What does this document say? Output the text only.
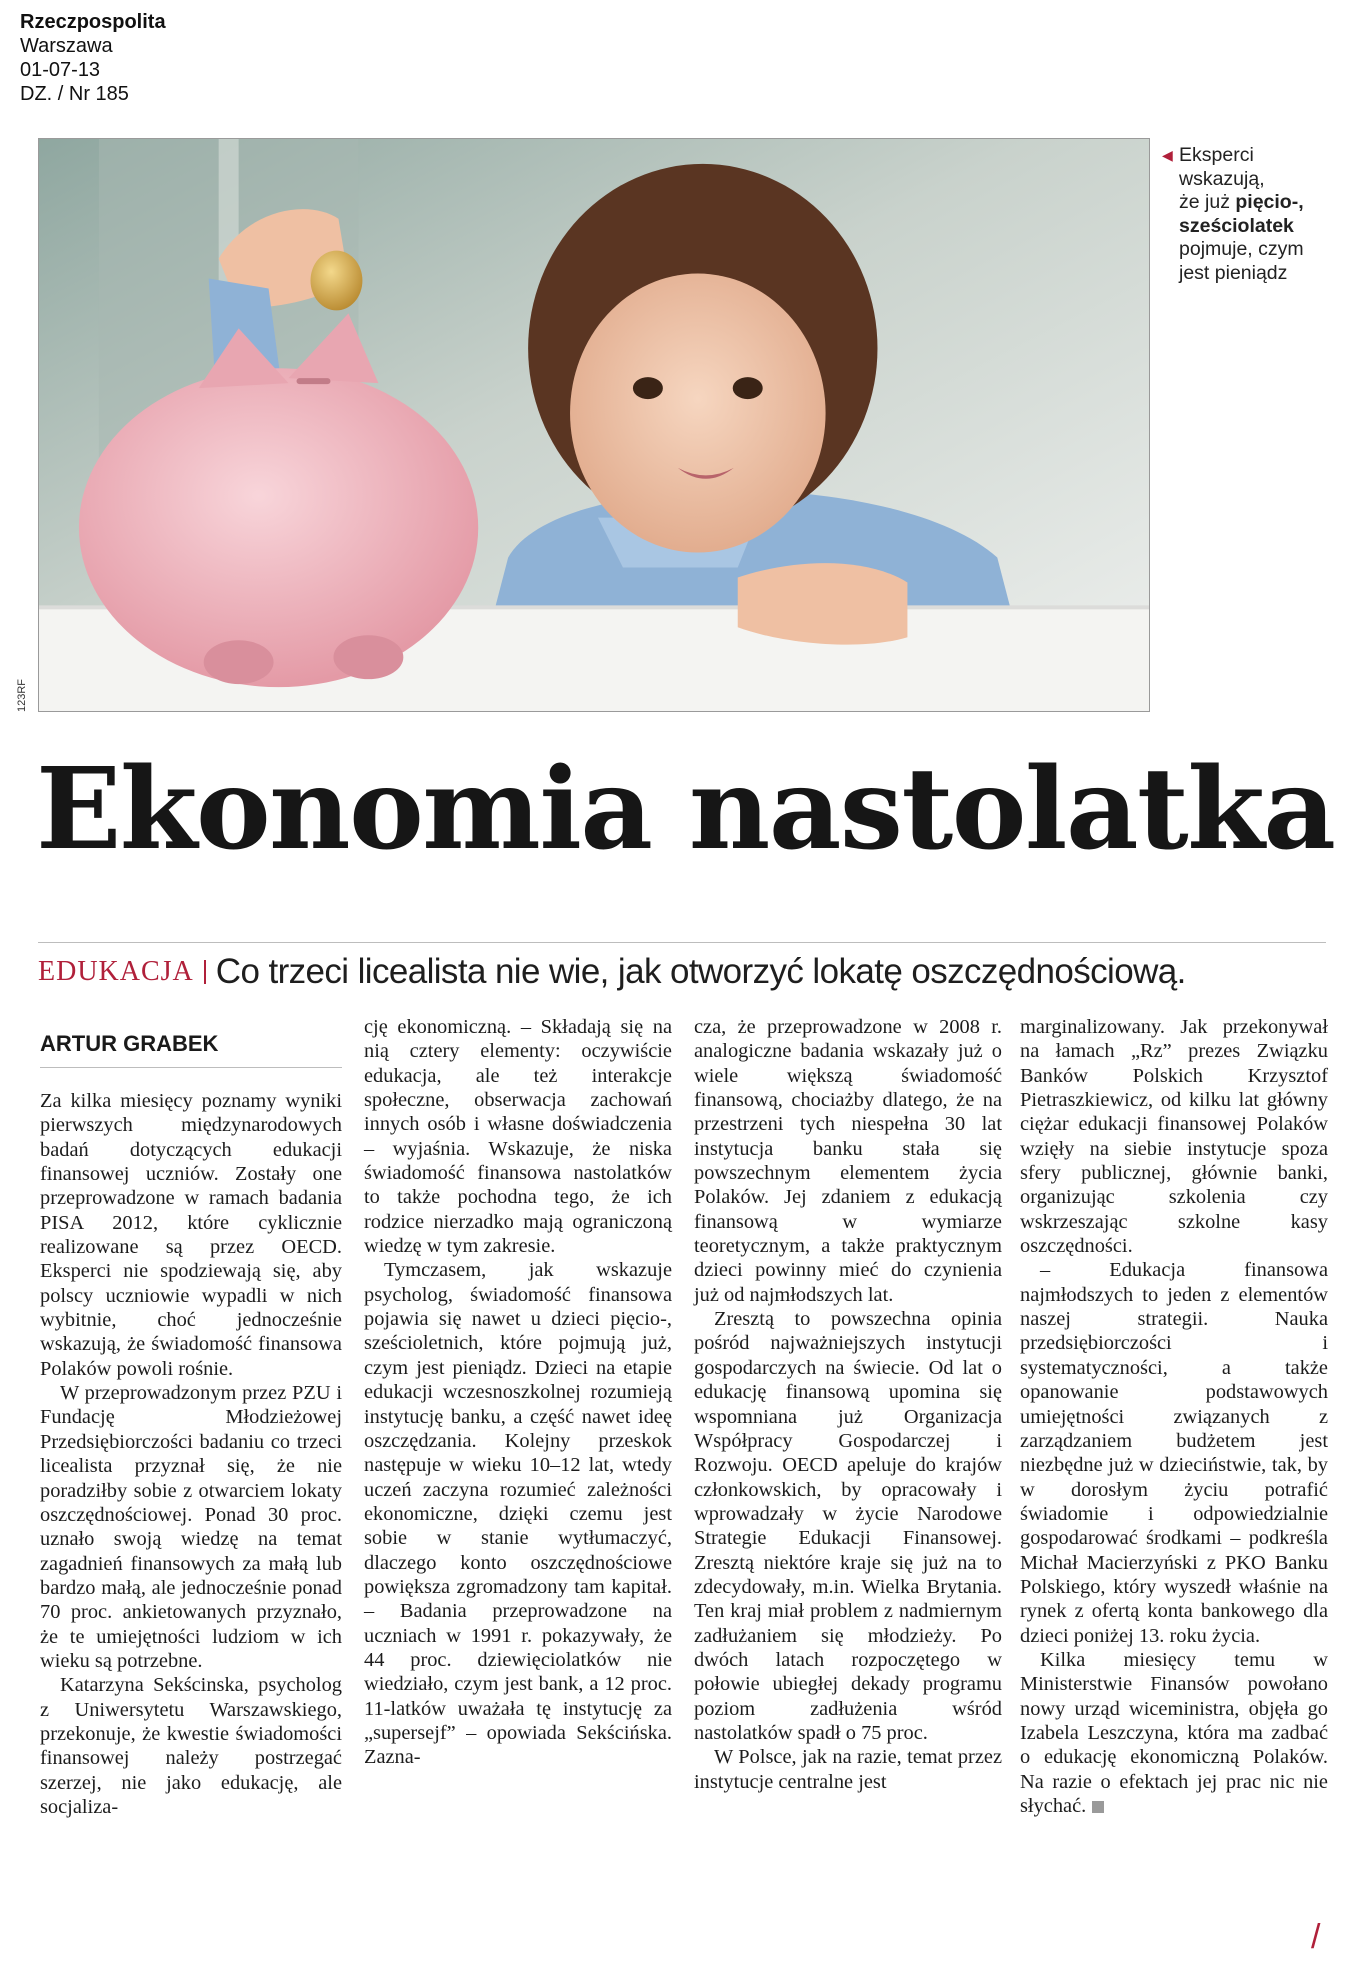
Rzeczpospolita
Warszawa
01-07-13
DZ. / Nr 185
123RF
◀ Eksperci
wskazują,
że już pięcio-,
sześciolatek
pojmuje, czym
jest pieniądz
Ekonomia nastolatka
EDUKACJA Co trzeci licealista nie wie, jak otworzyć lokatę oszczędnościową.
ARTUR GRABEK

Za kilka miesięcy poznamy wyniki pierwszych międzynarodowych badań dotyczących edukacji finansowej uczniów. Zostały one przeprowadzone w ramach badania PISA 2012, które cyklicznie realizowane są przez OECD. Eksperci nie spodziewają się, aby polscy uczniowie wypadli w nich wybitnie, choć jednocześnie wskazują, że świadomość finansowa Polaków powoli rośnie.

W przeprowadzonym przez PZU i Fundację Młodzieżowej Przedsiębiorczości badaniu co trzeci licealista przyznał się, że nie poradziłby sobie z otwarciem lokaty oszczędnościowej. Ponad 30 proc. uznało swoją wiedzę na temat zagadnień finansowych za małą lub bardzo małą, ale jednocześnie ponad 70 proc. ankietowanych przyznało, że te umiejętności ludziom w ich wieku są potrzebne.

Katarzyna Sekścinska, psycholog z Uniwersytetu Warszawskiego, przekonuje, że kwestie świadomości finansowej należy postrzegać szerzej, nie jako edukację, ale socjaliza-

cję ekonomiczną. – Składają się na nią cztery elementy: oczywiście edukacja, ale też interakcje społeczne, obserwacja zachowań innych osób i własne doświadczenia – wyjaśnia. Wskazuje, że niska świadomość finansowa nastolatków to także pochodna tego, że ich rodzice nierzadko mają ograniczoną wiedzę w tym zakresie.

Tymczasem, jak wskazuje psycholog, świadomość finansowa pojawia się nawet u dzieci pięcio-, sześcioletnich, które pojmują już, czym jest pieniądz. Dzieci na etapie edukacji wczesnoszkolnej rozumieją instytucję banku, a część nawet ideę oszczędzania. Kolejny przeskok następuje w wieku 10–12 lat, wtedy uczeń zaczyna rozumieć zależności ekonomiczne, dzięki czemu jest sobie w stanie wytłumaczyć, dlaczego konto oszczędnościowe powiększa zgromadzony tam kapitał. – Badania przeprowadzone na uczniach w 1991 r. pokazywały, że 44 proc. dziewięciolatków nie wiedziało, czym jest bank, a 12 proc. 11-latków uważała tę instytucję za „supersejf” – opowiada Sekścińska. Zazna-

cza, że przeprowadzone w 2008 r. analogiczne badania wskazały już o wiele większą świadomość finansową, chociażby dlatego, że na przestrzeni tych niespełna 30 lat instytucja banku stała się powszechnym elementem życia Polaków. Jej zdaniem z edukacją finansową w wymiarze teoretycznym, a także praktycznym dzieci powinny mieć do czynienia już od najmłodszych lat.

Zresztą to powszechna opinia pośród najważniejszych instytucji gospodarczych na świecie. Od lat o edukację finansową upomina się wspomniana już Organizacja Współpracy Gospodarczej i Rozwoju. OECD apeluje do krajów członkowskich, by opracowały i wprowadzały w życie Narodowe Strategie Edukacji Finansowej. Zresztą niektóre kraje się już na to zdecydowały, m.in. Wielka Brytania. Ten kraj miał problem z nadmiernym zadłużaniem się młodzieży. Po dwóch latach rozpoczętego w połowie ubiegłej dekady programu poziom zadłużenia wśród nastolatków spadł o 75 proc.

W Polsce, jak na razie, temat przez instytucje centralne jest

marginalizowany. Jak przekonywał na łamach „Rz” prezes Związku Banków Polskich Krzysztof Pietraszkiewicz, od kilku lat główny ciężar edukacji finansowej Polaków wzięły na siebie instytucje spoza sfery publicznej, głównie banki, organizując szkolenia czy wskrzeszając szkolne kasy oszczędności.

– Edukacja finansowa najmłodszych to jeden z elementów naszej strategii. Nauka przedsiębiorczości i systematyczności, a także opanowanie podstawowych umiejętności związanych z zarządzaniem budżetem jest niezbędne już w dzieciństwie, tak, by w dorosłym życiu potrafić świadomie i odpowiedzialnie gospodarować środkami – podkreśla Michał Macierzyński z PKO Banku Polskiego, który wyszedł właśnie na rynek z ofertą konta bankowego dla dzieci poniżej 13. roku życia.

Kilka miesięcy temu w Ministerstwie Finansów powołano nowy urząd wiceministra, objęła go Izabela Leszczyna, która ma zadbać o edukację ekonomiczną Polaków. Na razie o efektach jej prac nic nie słychać.

/
